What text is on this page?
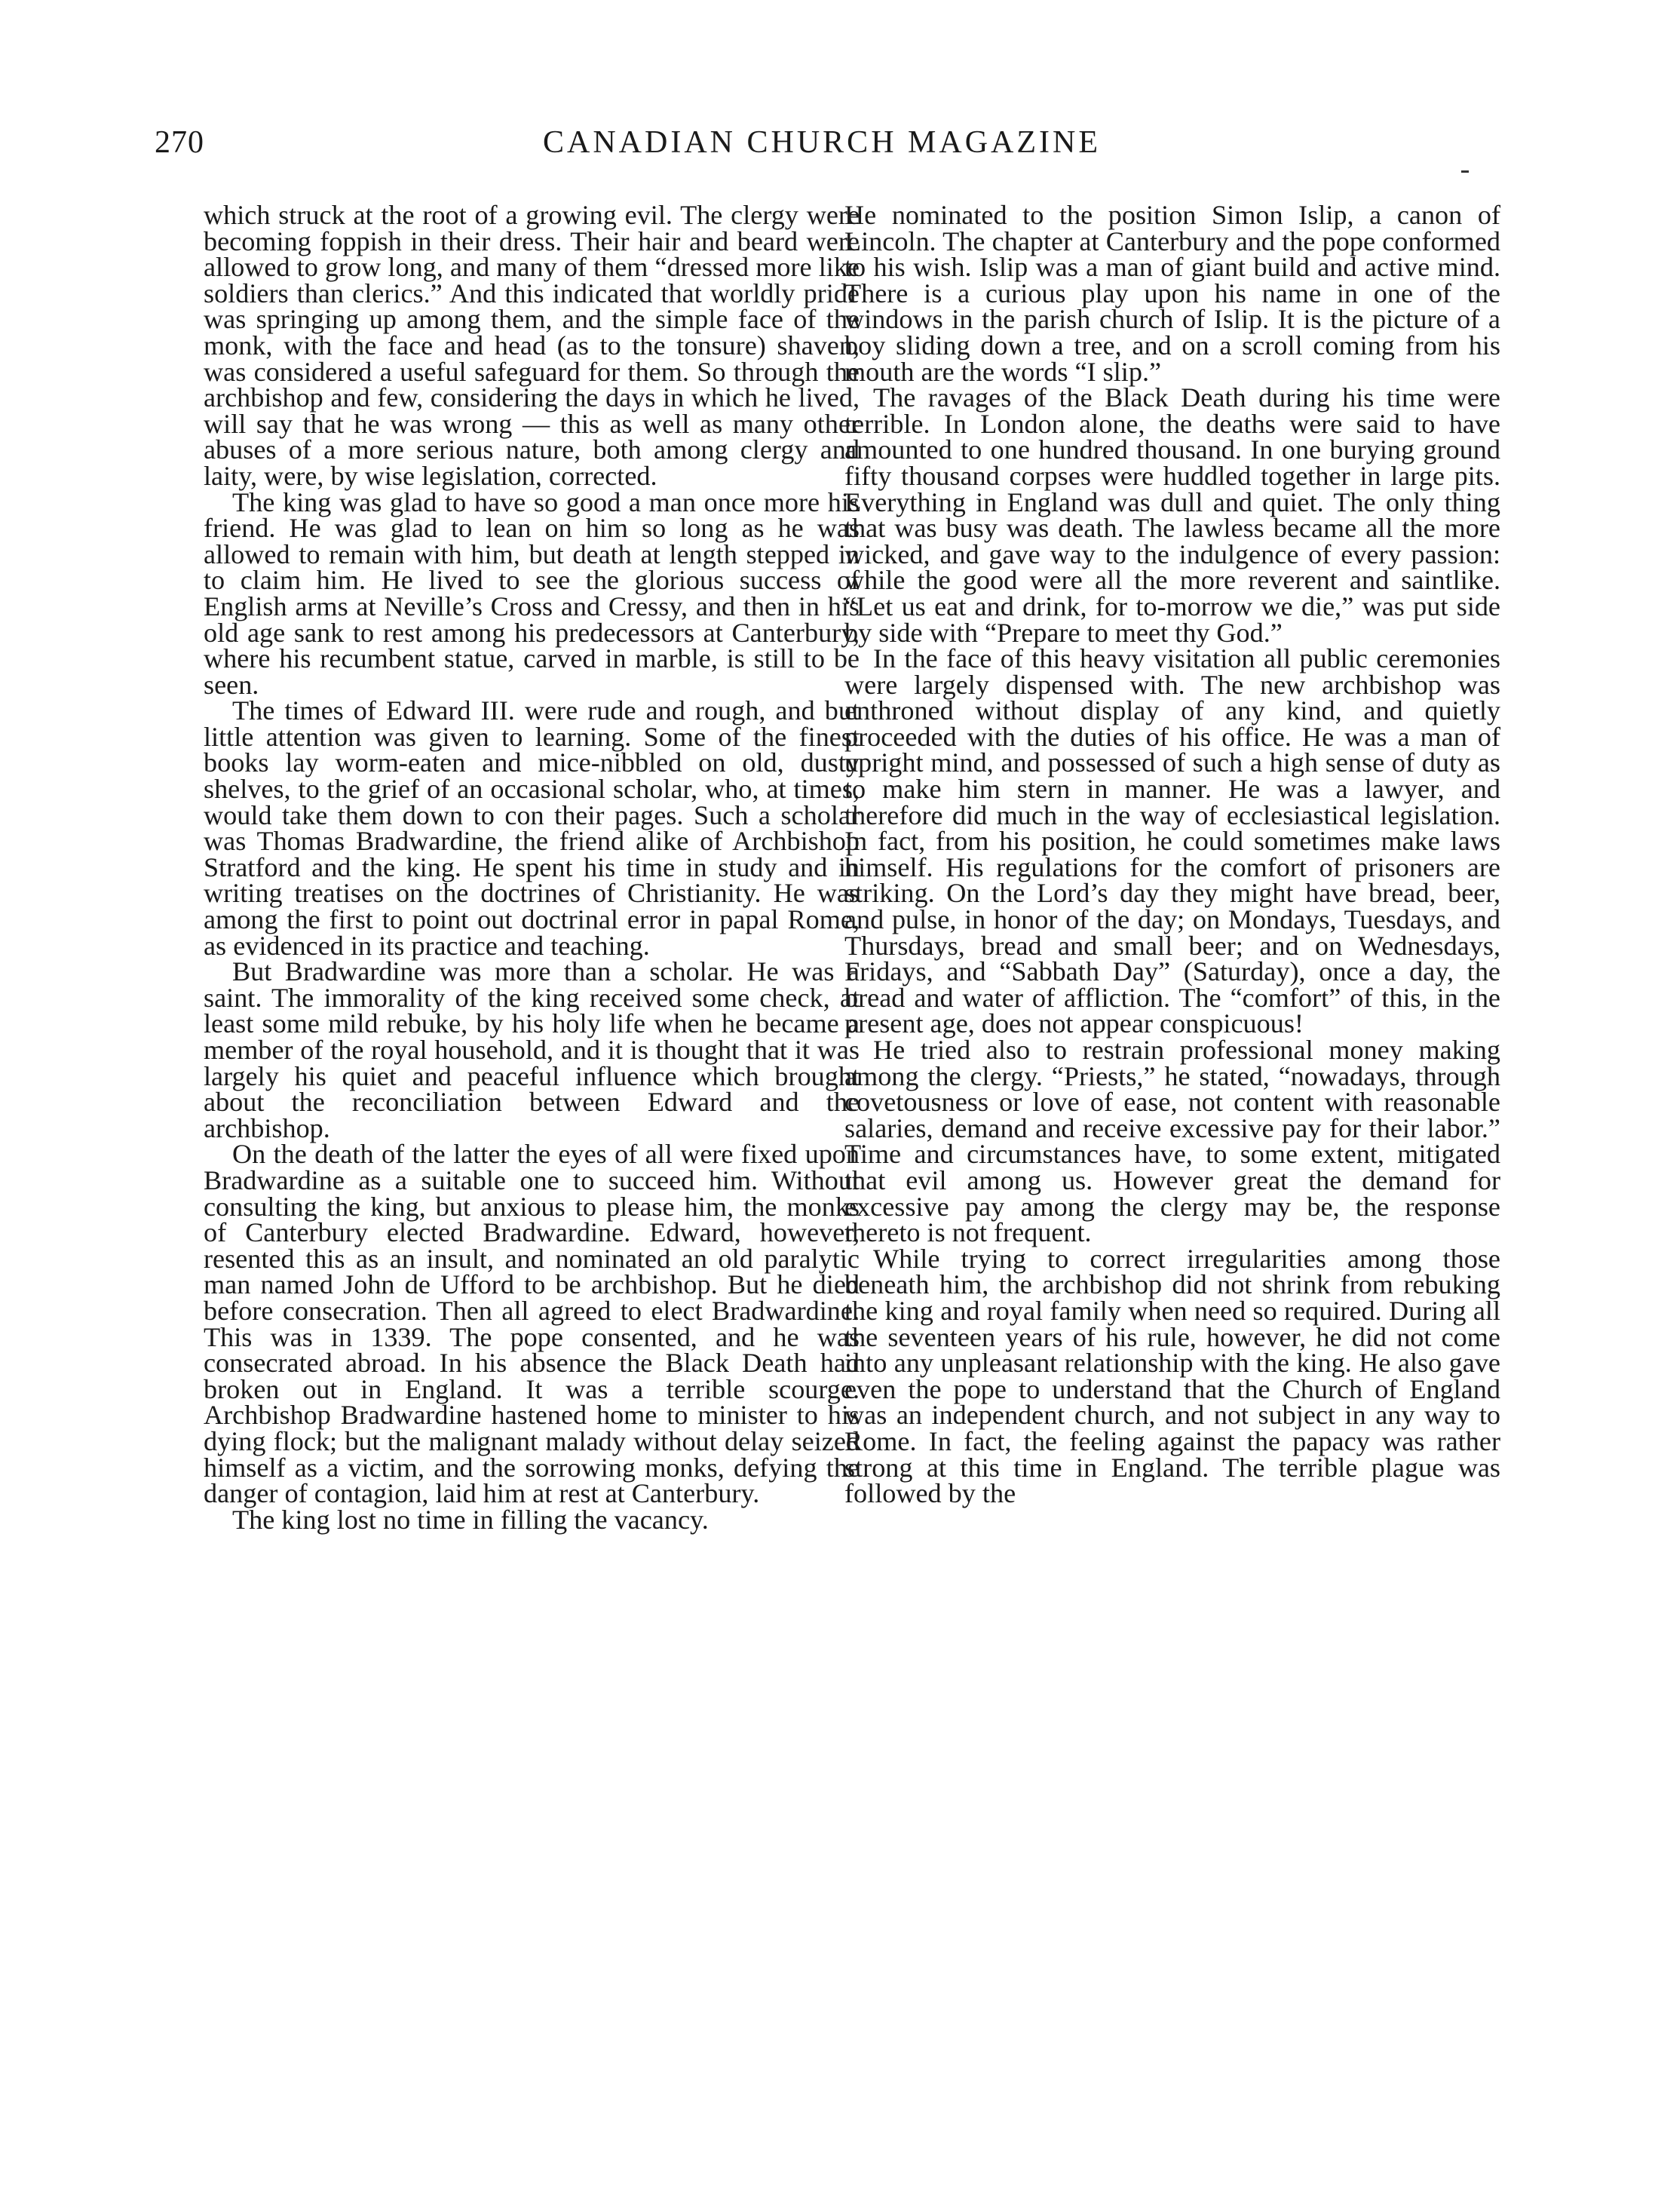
270	CANADIAN CHURCH MAGAZINE

which struck at the root of a growing evil. The clergy were becoming foppish in their dress. Their hair and beard were allowed to grow long, and many of them “dressed more like soldiers than clerics.” And this indicated that worldly pride was springing up among them, and the simple face of the monk, with the face and head (as to the tonsure) shaven, was considered a useful safeguard for them. So through the archbishop and few, considering the days in which he lived, will say that he was wrong — this as well as many other abuses of a more serious nature, both among clergy and laity, were, by wise legislation, corrected.

The king was glad to have so good a man once more his friend. He was glad to lean on him so long as he was allowed to remain with him, but death at length stepped in to claim him. He lived to see the glorious success of English arms at Neville’s Cross and Cressy, and then in his old age sank to rest among his predecessors at Canterbury, where his recumbent statue, carved in marble, is still to be seen.

The times of Edward III. were rude and rough, and but little attention was given to learning. Some of the finest books lay worm-eaten and mice-nibbled on old, dusty shelves, to the grief of an occasional scholar, who, at times, would take them down to con their pages. Such a scholar was Thomas Bradwardine, the friend alike of Archbishop Stratford and the king. He spent his time in study and in writing treatises on the doctrines of Christianity. He was among the first to point out doctrinal error in papal Rome, as evidenced in its practice and teaching.

But Bradwardine was more than a scholar. He was a saint. The immorality of the king received some check, at least some mild rebuke, by his holy life when he became a member of the royal household, and it is thought that it was largely his quiet and peaceful influence which brought about the reconciliation between Edward and the archbishop.

On the death of the latter the eyes of all were fixed upon Bradwardine as a suitable one to succeed him. Without consulting the king, but anxious to please him, the monks of Canterbury elected Bradwardine. Edward, however, resented this as an insult, and nominated an old paralytic man named John de Ufford to be archbishop. But he died before consecration. Then all agreed to elect Bradwardine. This was in 1339. The pope consented, and he was consecrated abroad. In his absence the Black Death had broken out in England. It was a terrible scourge. Archbishop Bradwardine hastened home to minister to his dying flock; but the malignant malady without delay seized himself as a victim, and the sorrowing monks, defying the danger of contagion, laid him at rest at Canterbury.

The king lost no time in filling the vacancy.

He nominated to the position Simon Islip, a canon of Lincoln. The chapter at Canterbury and the pope conformed to his wish. Islip was a man of giant build and active mind. There is a curious play upon his name in one of the windows in the parish church of Islip. It is the picture of a boy sliding down a tree, and on a scroll coming from his mouth are the words “I slip.”

The ravages of the Black Death during his time were terrible. In London alone, the deaths were said to have amounted to one hundred thousand. In one burying ground fifty thousand corpses were huddled together in large pits. Everything in England was dull and quiet. The only thing that was busy was death. The lawless became all the more wicked, and gave way to the indulgence of every passion: while the good were all the more reverent and saintlike. “Let us eat and drink, for to-morrow we die,” was put side by side with “Prepare to meet thy God.”

In the face of this heavy visitation all public ceremonies were largely dispensed with. The new archbishop was enthroned without display of any kind, and quietly proceeded with the duties of his office. He was a man of upright mind, and possessed of such a high sense of duty as to make him stern in manner. He was a lawyer, and therefore did much in the way of ecclesiastical legislation. In fact, from his position, he could sometimes make laws himself. His regulations for the comfort of prisoners are striking. On the Lord’s day they might have bread, beer, and pulse, in honor of the day; on Mondays, Tuesdays, and Thursdays, bread and small beer; and on Wednesdays, Fridays, and “Sabbath Day” (Saturday), once a day, the bread and water of affliction. The “comfort” of this, in the present age, does not appear conspicuous!

He tried also to restrain professional money making among the clergy. “Priests,” he stated, “nowadays, through covetousness or love of ease, not content with reasonable salaries, demand and receive excessive pay for their labor.” Time and circumstances have, to some extent, mitigated that evil among us. However great the demand for excessive pay among the clergy may be, the response thereto is not frequent.

While trying to correct irregularities among those beneath him, the archbishop did not shrink from rebuking the king and royal family when need so required. During all the seventeen years of his rule, however, he did not come into any unpleasant relationship with the king. He also gave even the pope to understand that the Church of England was an independent church, and not subject in any way to Rome. In fact, the feeling against the papacy was rather strong at this time in England. The terrible plague was followed by the
